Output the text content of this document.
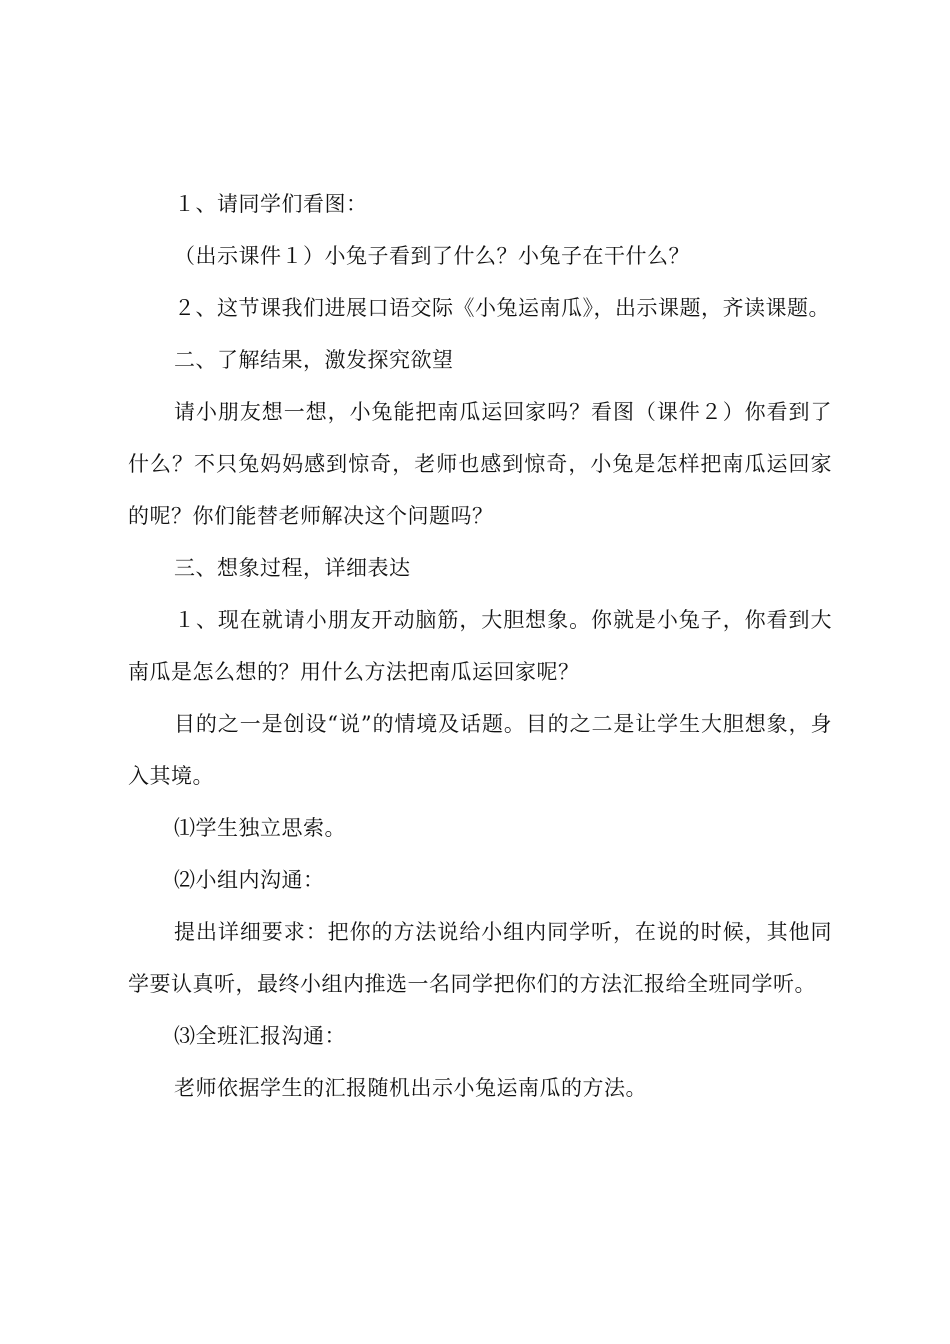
１、请同学们看图：

（出示课件１）小兔子看到了什么？小兔子在干什么？

２、这节课我们进展口语交际《小兔运南瓜》，出示课题，齐读课题。

二、了解结果，激发探究欲望

请小朋友想一想，小兔能把南瓜运回家吗？看图（课件２）你看到了什么？不只兔妈妈感到惊奇，老师也感到惊奇，小兔是怎样把南瓜运回家的呢？你们能替老师解决这个问题吗？

三、想象过程，详细表达

１、现在就请小朋友开动脑筋，大胆想象。你就是小兔子，你看到大南瓜是怎么想的？用什么方法把南瓜运回家呢？

目的之一是创设“说”的情境及话题。目的之二是让学生大胆想象，身入其境。

⑴学生独立思索。

⑵小组内沟通：

提出详细要求：把你的方法说给小组内同学听，在说的时候，其他同学要认真听，最终小组内推选一名同学把你们的方法汇报给全班同学听。

⑶全班汇报沟通：

老师依据学生的汇报随机出示小兔运南瓜的方法。
